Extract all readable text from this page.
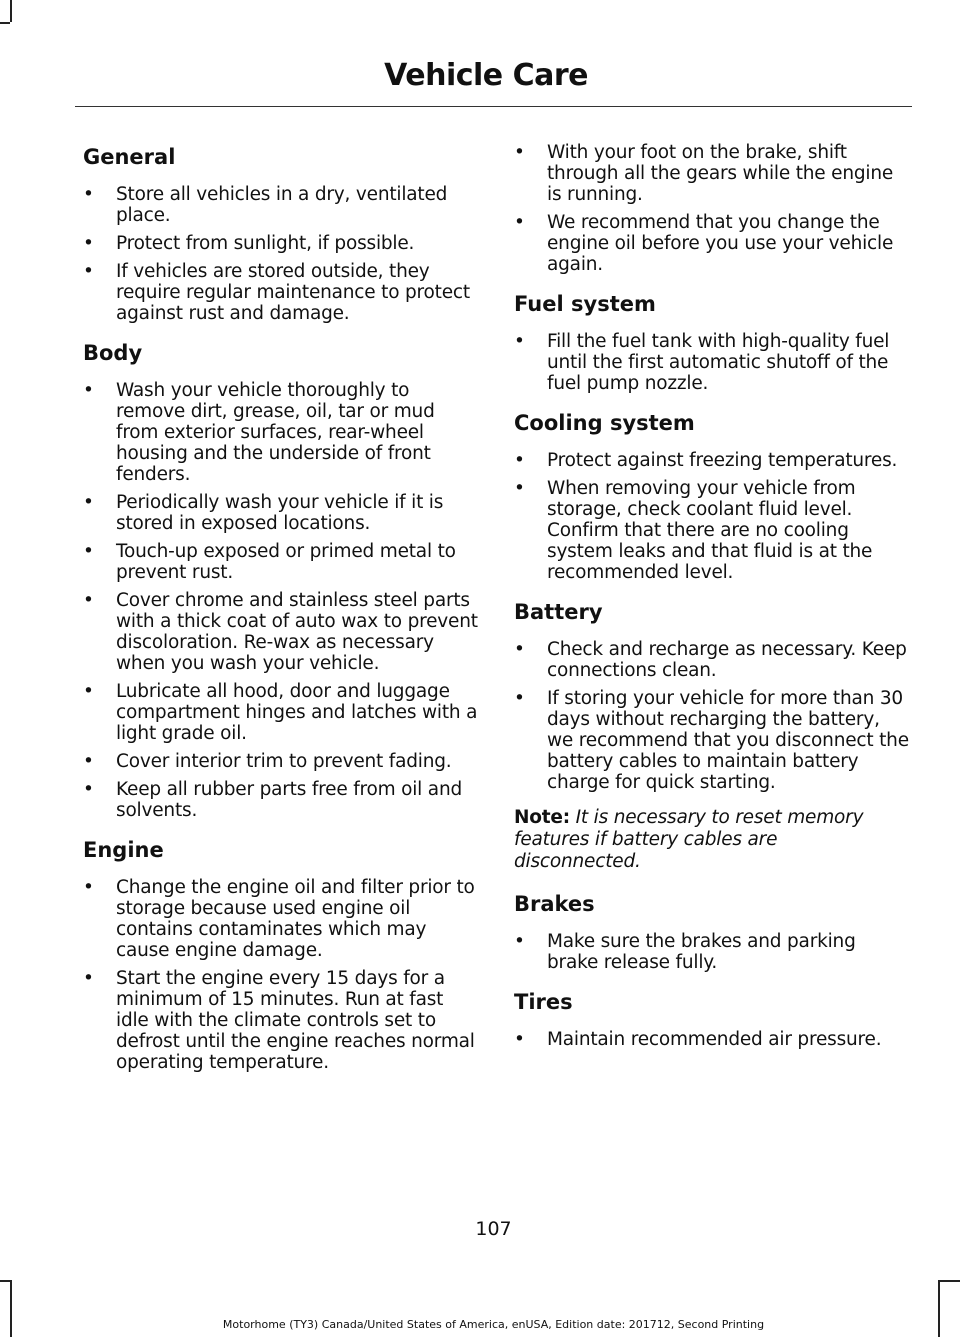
Vehicle Care
General
• Store all vehicles in a dry, ventilated place.
• Protect from sunlight, if possible.
• If vehicles are stored outside, they require regular maintenance to protect against rust and damage.
Body
• Wash your vehicle thoroughly to remove dirt, grease, oil, tar or mud from exterior surfaces, rear-wheel housing and the underside of front fenders.
• Periodically wash your vehicle if it is stored in exposed locations.
• Touch-up exposed or primed metal to prevent rust.
• Cover chrome and stainless steel parts with a thick coat of auto wax to prevent discoloration. Re-wax as necessary when you wash your vehicle.
• Lubricate all hood, door and luggage compartment hinges and latches with a light grade oil.
• Cover interior trim to prevent fading.
• Keep all rubber parts free from oil and solvents.
Engine
• Change the engine oil and filter prior to storage because used engine oil contains contaminates which may cause engine damage.
• Start the engine every 15 days for a minimum of 15 minutes. Run at fast idle with the climate controls set to defrost until the engine reaches normal operating temperature.
• With your foot on the brake, shift through all the gears while the engine is running.
• We recommend that you change the engine oil before you use your vehicle again.
Fuel system
• Fill the fuel tank with high-quality fuel until the first automatic shutoff of the fuel pump nozzle.
Cooling system
• Protect against freezing temperatures.
• When removing your vehicle from storage, check coolant fluid level. Confirm that there are no cooling system leaks and that fluid is at the recommended level.
Battery
• Check and recharge as necessary. Keep connections clean.
• If storing your vehicle for more than 30 days without recharging the battery, we recommend that you disconnect the battery cables to maintain battery charge for quick starting.

Note: It is necessary to reset memory features if battery cables are disconnected.

Brakes
• Make sure the brakes and parking brake release fully.
Tires
• Maintain recommended air pressure.
107
Motorhome (TY3) Canada/United States of America, enUSA, Edition date: 201712, Second Printing
